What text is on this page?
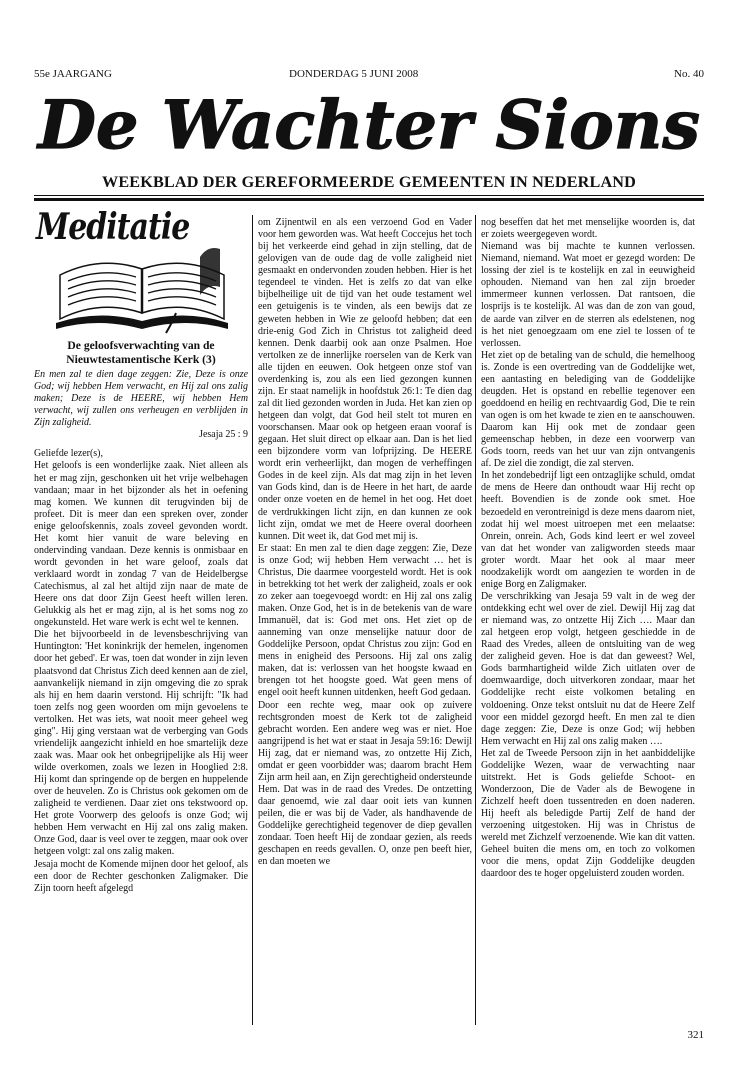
55e JAARGANG	DONDERDAG 5 JUNI 2008	No. 40
De Wachter Sions
WEEKBLAD DER GEREFORMEERDE GEMEENTEN IN NEDERLAND
Meditatie

De geloofsverwachting van de Nieuwtestamentische Kerk (3)

En men zal te dien dage zeggen: Zie, Deze is onze God; wij hebben Hem verwacht, en Hij zal ons zalig maken; Deze is de HEERE, wij hebben Hem verwacht, wij zullen ons verheugen en verblijden in Zijn zaligheid.

Jesaja 25 : 9

Geliefde lezer(s),

Het geloofs is een wonderlijke zaak. Niet alleen als het er mag zijn, geschonken uit het vrije welbehagen vandaan; maar in het bijzonder als het in oefening mag komen. We kunnen dit terugvinden bij de profeet. Dit is meer dan een spreken over, zonder enige geloofskennis, zoals zoveel gevonden wordt. Het komt hier vanuit de ware beleving en ondervinding vandaan. Deze kennis is onmisbaar en wordt gevonden in het ware geloof, zoals dat verklaard wordt in zondag 7 van de Heidelbergse Catechismus, al zal het altijd zijn naar de mate de Heere ons dat door Zijn Geest heeft willen leren. Gelukkig als het er mag zijn, al is het soms nog zo ongekunsteld. Het ware werk is echt wel te kennen.

Die het bijvoorbeeld in de levensbeschrijving van Huntington: 'Het koninkrijk der hemelen, ingenomen door het gebed'. Er was, toen dat wonder in zijn leven plaatsvond dat Christus Zich deed kennen aan de ziel, aanvankelijk niemand in zijn omgeving die zo sprak als hij en hem daarin verstond. Hij schrijft: "Ik had toen zelfs nog geen woorden om mijn gevoelens te vertolken. Het was iets, wat nooit meer geheel weg ging". Hij ging verstaan wat de verberging van Gods vriendelijk aangezicht inhield en hoe smartelijk deze zaak was. Maar ook het onbegrijpelijke als Hij weer wilde overkomen, zoals we lezen in Hooglied 2:8. Hij komt dan springende op de bergen en huppelende over de heuvelen. Zo is Christus ook gekomen om de zaligheid te verdienen. Daar ziet ons tekstwoord op. Het grote Voorwerp des geloofs is onze God; wij hebben Hem verwacht en Hij zal ons zalig maken. Onze God, daar is veel over te zeggen, maar ook over hetgeen volgt: zal ons zalig maken.

Jesaja mocht de Komende mijnen door het geloof, als een door de Rechter geschonken Zaligmaker. Die Zijn toorn heeft afgelegd

om Zijnentwil en als een verzoend God en Vader voor hem geworden was. Wat heeft Coccejus het toch bij het verkeerde eind gehad in zijn stelling, dat de gelovigen van de oude dag de volle zaligheid niet gesmaakt en ondervonden zouden hebben. Hier is het tegendeel te vinden. Het is zelfs zo dat van elke bijbelheilige uit de tijd van het oude testament wel een getuigenis is te vinden, als een bewijs dat ze geweten hebben in Wie ze geloofd hebben; dat een drie-enig God Zich in Christus tot zaligheid deed kennen. Denk daarbij ook aan onze Psalmen. Hoe vertolken ze de innerlijke roerselen van de Kerk van alle tijden en eeuwen. Ook hetgeen onze stof van overdenking is, zou als een lied gezongen kunnen zijn. Er staat namelijk in hoofdstuk 26:1: Te dien dag zal dit lied gezonden worden in Juda. Het kan zien op hetgeen dan volgt, dat God heil stelt tot muren en voorschansen. Maar ook op hetgeen eraan vooraf is gegaan. Het sluit direct op elkaar aan. Dan is het lied een bijzondere vorm van lofprijzing. De HEERE wordt erin verheerlijkt, dan mogen de verheffingen Godes in de keel zijn. Als dat mag zijn in het leven van Gods kind, dan is de Heere in het hart, de aarde onder onze voeten en de hemel in het oog. Het doet de verdrukkingen licht zijn, en dan kunnen ze ook licht zijn, omdat we met de Heere overal doorheen kunnen. Dit weet ik, dat God met mij is.

Er staat: En men zal te dien dage zeggen: Zie, Deze is onze God; wij hebben Hem verwacht … het is Christus, Die daarmee voorgesteld wordt. Het is ook in betrekking tot het werk der zaligheid, zoals er ook zo zeker aan toegevoegd wordt: en Hij zal ons zalig maken. Onze God, het is in de betekenis van de ware Immanuël, dat is: God met ons. Het ziet op de aanneming van onze menselijke natuur door de Goddelijke Persoon, opdat Christus zou zijn: God en mens in enigheid des Persoons. Hij zal ons zalig maken, dat is: verlossen van het hoogste kwaad en brengen tot het hoogste goed. Wat geen mens of engel ooit heeft kunnen uitdenken, heeft God gedaan.

Door een rechte weg, maar ook op zuivere rechtsgronden moest de Kerk tot de zaligheid gebracht worden. Een andere weg was er niet. Hoe aangrijpend is het wat er staat in Jesaja 59:16: Dewijl Hij zag, dat er niemand was, zo ontzette Hij Zich, omdat er geen voorbidder was; daarom bracht Hem Zijn arm heil aan, en Zijn gerechtigheid ondersteunde Hem. Dat was in de raad des Vredes. De ontzetting daar genoemd, wie zal daar ooit iets van kunnen peilen, die er was bij de Vader, als handhavende de Goddelijke gerechtigheid tegenover de diep gevallen zondaar. Toen heeft Hij de zondaar gezien, als reeds geschapen en reeds gevallen. O, onze pen beeft hier, en dan moeten we

nog beseffen dat het met menselijke woorden is, dat er zoiets weergegeven wordt.

Niemand was bij machte te kunnen verlossen. Niemand, niemand. Wat moet er gezegd worden: De lossing der ziel is te kostelijk en zal in eeuwigheid ophouden. Niemand van hen zal zijn broeder immermeer kunnen verlossen. Dat rantsoen, die losprijs is te kostelijk. Al was dan de zon van goud, de aarde van zilver en de sterren als edelstenen, nog is het niet genoegzaam om ene ziel te lossen of te verlossen.

Het ziet op de betaling van de schuld, die hemelhoog is. Zonde is een overtreding van de Goddelijke wet, een aantasting en belediging van de Goddelijke deugden. Het is opstand en rebellie tegenover een goeddoend en heilig en rechtvaardig God, Die te rein van ogen is om het kwade te zien en te aanschouwen. Daarom kan Hij ook met de zondaar geen gemeenschap hebben, in deze een voorwerp van Gods toorn, reeds van het uur van zijn ontvangenis af. De ziel die zondigt, die zal sterven.

In het zondebedrijf ligt een ontzaglijke schuld, omdat de mens de Heere dan onthoudt waar Hij recht op heeft. Bovendien is de zonde ook smet. Hoe bezoedeld en verontreinigd is deze mens daarom niet, zodat hij wel moest uitroepen met een melaatse: Onrein, onrein. Ach, Gods kind leert er wel zoveel van dat het wonder van zaligworden steeds maar groter wordt. Maar het ook al maar meer noodzakelijk wordt om aangezien te worden in de enige Borg en Zaligmaker.

De verschrikking van Jesaja 59 valt in de weg der ontdekking echt wel over de ziel. Dewijl Hij zag dat er niemand was, zo ontzette Hij Zich …. Maar dan zal hetgeen erop volgt, hetgeen geschiedde in de Raad des Vredes, alleen de ontsluiting van de weg der zaligheid geven. Hoe is dat dan geweest? Wel, Gods barmhartigheid wilde Zich uitlaten over de doemwaardige, doch uitverkoren zondaar, maar het Goddelijke recht eiste volkomen betaling en voldoening. Onze tekst ontsluit nu dat de Heere Zelf voor een middel gezorgd heeft. En men zal te dien dage zeggen: Zie, Deze is onze God; wij hebben Hem verwacht en Hij zal ons zalig maken ….

Het zal de Tweede Persoon zijn in het aanbiddelijke Goddelijke Wezen, waar de verwachting naar uitstrekt. Het is Gods geliefde Schoot- en Wonderzoon, Die de Vader als de Bewogene in Zichzelf heeft doen tussentreden en doen naderen. Hij heeft als beledigde Partij Zelf de hand der verzoening uitgestoken. Hij was in Christus de wereld met Zichzelf verzoenende. Wie kan dit vatten. Geheel buiten die mens om, en toch zo volkomen voor die mens, opdat Zijn Goddelijke deugden daardoor des te hoger opgeluisterd zouden worden.

321
